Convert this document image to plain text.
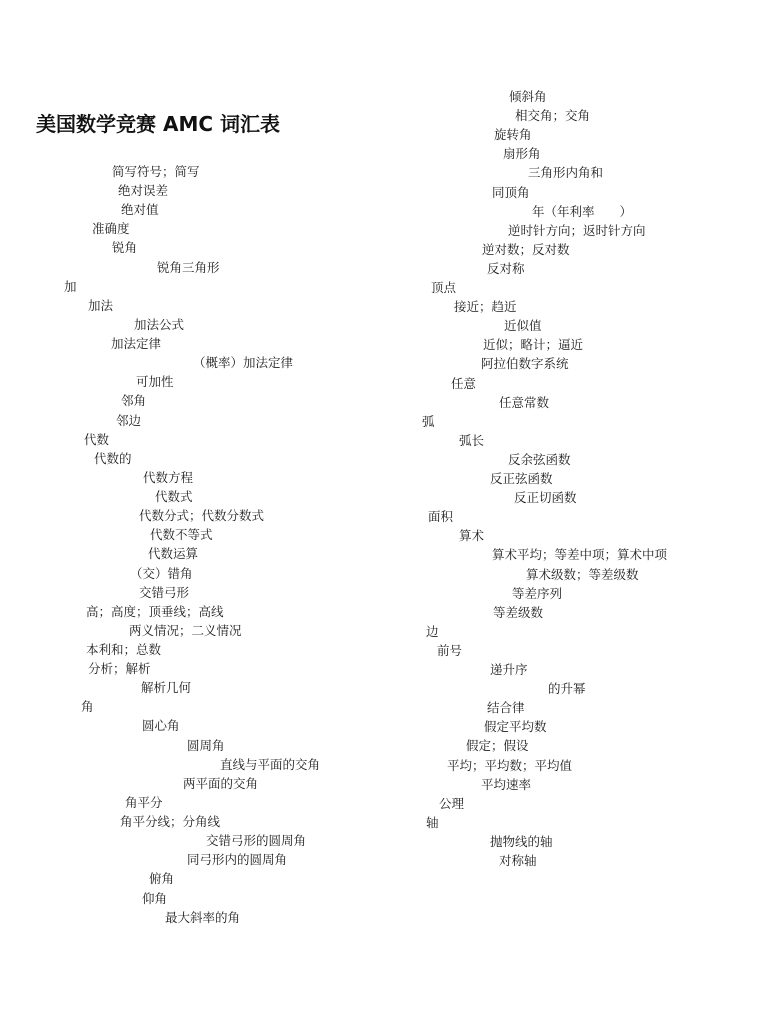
美国数学竞赛 AMC 词汇表
简写符号；简写
绝对误差
绝对值
准确度
锐角
锐角三角形
加
加法
加法公式
加法定律
（概率）加法定律
可加性
邻角
邻边
代数
代数的
代数方程
代数式
代数分式；代数分数式
代数不等式
代数运算
（交）错角
交错弓形
高；高度；顶垂线；高线
两义情况；二义情况
本利和；总数
分析；解析
解析几何
角
圆心角
圆周角
直线与平面的交角
两平面的交角
角平分
角平分线；分角线
交错弓形的圆周角
同弓形内的圆周角
俯角
仰角
最大斜率的角
倾斜角
相交角；交角
旋转角
扇形角
三角形内角和
同顶角
年（年利率　　）
逆时针方向；返时针方向
逆对数；反对数
反对称
顶点
接近；趋近
近似值
近似；略计；逼近
阿拉伯数字系统
任意
任意常数
弧
弧长
反余弦函数
反正弦函数
反正切函数
面积
算术
算术平均；等差中项；算术中项
算术级数；等差级数
等差序列
等差级数
边
前号
递升序
的升幂
结合律
假定平均数
假定；假设
平均；平均数；平均值
平均速率
公理
轴
抛物线的轴
对称轴
